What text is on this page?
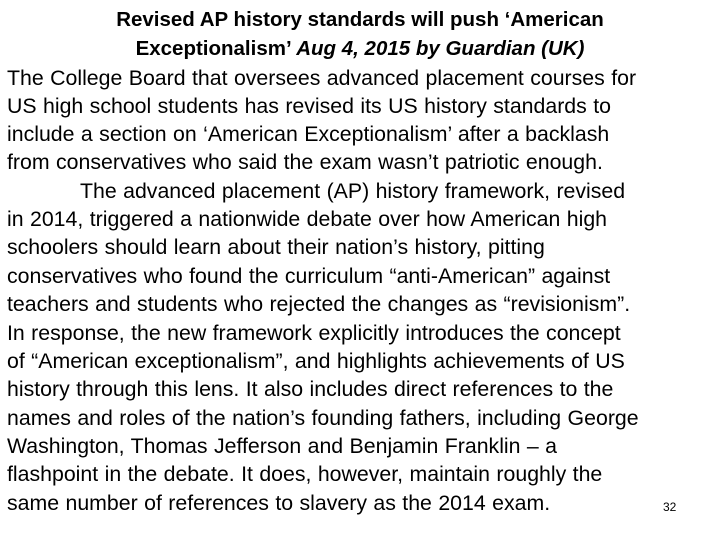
Revised AP history standards will push ‘American
Exceptionalism’ Aug 4, 2015 by Guardian (UK)
The College Board that oversees advanced placement courses for
US high school students has revised its US history standards to
include a section on ‘American Exceptionalism’ after a backlash
from conservatives who said the exam wasn’t patriotic enough.
The advanced placement (AP) history framework, revised
in 2014, triggered a nationwide debate over how American high
schoolers should learn about their nation’s history, pitting
conservatives who found the curriculum “anti-American” against
teachers and students who rejected the changes as “revisionism”.
In response, the new framework explicitly introduces the concept
of “American exceptionalism”, and highlights achievements of US
history through this lens. It also includes direct references to the
names and roles of the nation’s founding fathers, including George
Washington, Thomas Jefferson and Benjamin Franklin – a
flashpoint in the debate. It does, however, maintain roughly the
same number of references to slavery as the 2014 exam.	32
